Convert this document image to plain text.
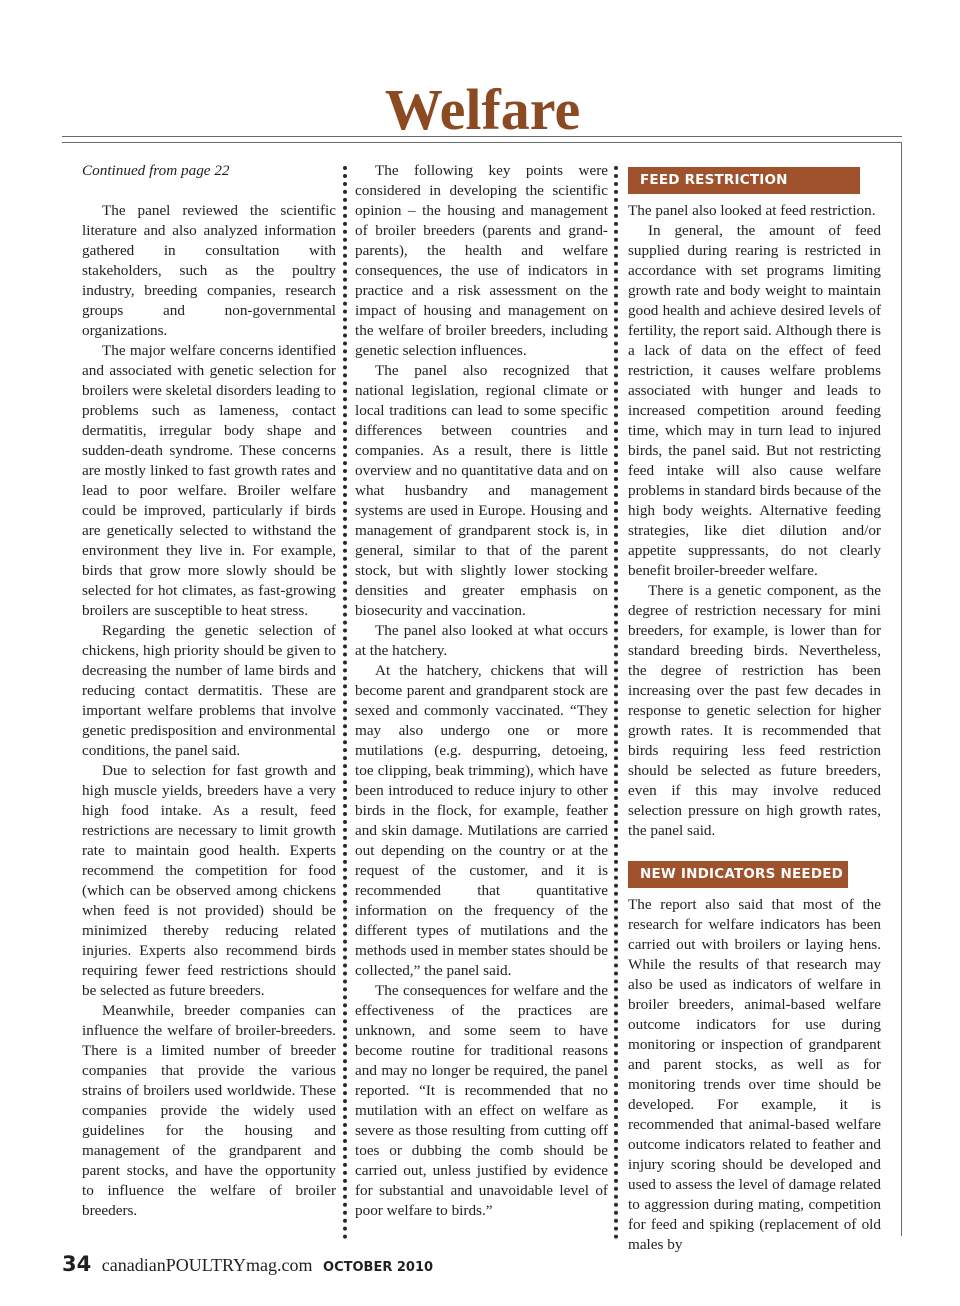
Welfare

Continued from page 22

The panel reviewed the scientific literature and also analyzed information gathered in consultation with stakeholders, such as the poultry industry, breeding companies, research groups and non-governmental organizations.

The major welfare concerns identified and associated with genetic selection for broilers were skeletal disorders leading to problems such as lameness, contact dermatitis, irregular body shape and sudden-death syndrome. These concerns are mostly linked to fast growth rates and lead to poor welfare. Broiler welfare could be improved, particularly if birds are genetically selected to withstand the environment they live in. For example, birds that grow more slowly should be selected for hot climates, as fast-growing broilers are susceptible to heat stress.

Regarding the genetic selection of chickens, high priority should be given to decreasing the number of lame birds and reducing contact dermatitis. These are important welfare problems that involve genetic predisposition and environmental conditions, the panel said.

Due to selection for fast growth and high muscle yields, breeders have a very high food intake. As a result, feed restrictions are necessary to limit growth rate to maintain good health. Experts recommend the competition for food (which can be observed among chickens when feed is not provided) should be minimized thereby reducing related injuries. Experts also recommend birds requiring fewer feed restrictions should be selected as future breeders.

Meanwhile, breeder companies can influence the welfare of broiler-breeders. There is a limited number of breeder companies that provide the various strains of broilers used worldwide. These companies provide the widely used guidelines for the housing and management of the grandparent and parent stocks, and have the opportunity to influence the welfare of broiler breeders.

The following key points were considered in developing the scientific opinion – the housing and management of broiler breeders (parents and grand-parents), the health and welfare consequences, the use of indicators in practice and a risk assessment on the impact of housing and management on the welfare of broiler breeders, including genetic selection influences.

The panel also recognized that national legislation, regional climate or local traditions can lead to some specific differences between countries and companies. As a result, there is little overview and no quantitative data and on what husbandry and management systems are used in Europe. Housing and management of grandparent stock is, in general, similar to that of the parent stock, but with slightly lower stocking densities and greater emphasis on biosecurity and vaccination.

The panel also looked at what occurs at the hatchery.

At the hatchery, chickens that will become parent and grandparent stock are sexed and commonly vaccinated. “They may also undergo one or more mutilations (e.g. despurring, detoeing, toe clipping, beak trimming), which have been introduced to reduce injury to other birds in the flock, for example, feather and skin damage. Mutilations are carried out depending on the country or at the request of the customer, and it is recommended that quantitative information on the frequency of the different types of mutilations and the methods used in member states should be collected,” the panel said.

The consequences for welfare and the effectiveness of the practices are unknown, and some seem to have become routine for traditional reasons and may no longer be required, the panel reported. “It is recommended that no mutilation with an effect on welfare as severe as those resulting from cutting off toes or dubbing the comb should be carried out, unless justified by evidence for substantial and unavoidable level of poor welfare to birds.”

FEED RESTRICTION

The panel also looked at feed restriction.

In general, the amount of feed supplied during rearing is restricted in accordance with set programs limiting growth rate and body weight to maintain good health and achieve desired levels of fertility, the report said. Although there is a lack of data on the effect of feed restriction, it causes welfare problems associated with hunger and leads to increased competition around feeding time, which may in turn lead to injured birds, the panel said. But not restricting feed intake will also cause welfare problems in standard birds because of the high body weights. Alternative feeding strategies, like diet dilution and/or appetite suppressants, do not clearly benefit broiler-breeder welfare.

There is a genetic component, as the degree of restriction necessary for mini breeders, for example, is lower than for standard breeding birds. Nevertheless, the degree of restriction has been increasing over the past few decades in response to genetic selection for higher growth rates. It is recommended that birds requiring less feed restriction should be selected as future breeders, even if this may involve reduced selection pressure on high growth rates, the panel said.

NEW INDICATORS NEEDED

The report also said that most of the research for welfare indicators has been carried out with broilers or laying hens. While the results of that research may also be used as indicators of welfare in broiler breeders, animal-based welfare outcome indicators for use during monitoring or inspection of grandparent and parent stocks, as well as for monitoring trends over time should be developed. For example, it is recommended that animal-based welfare outcome indicators related to feather and injury scoring should be developed and used to assess the level of damage related to aggression during mating, competition for feed and spiking (replacement of old males by

34 canadianPOULTRYmag.com OCTOBER 2010
